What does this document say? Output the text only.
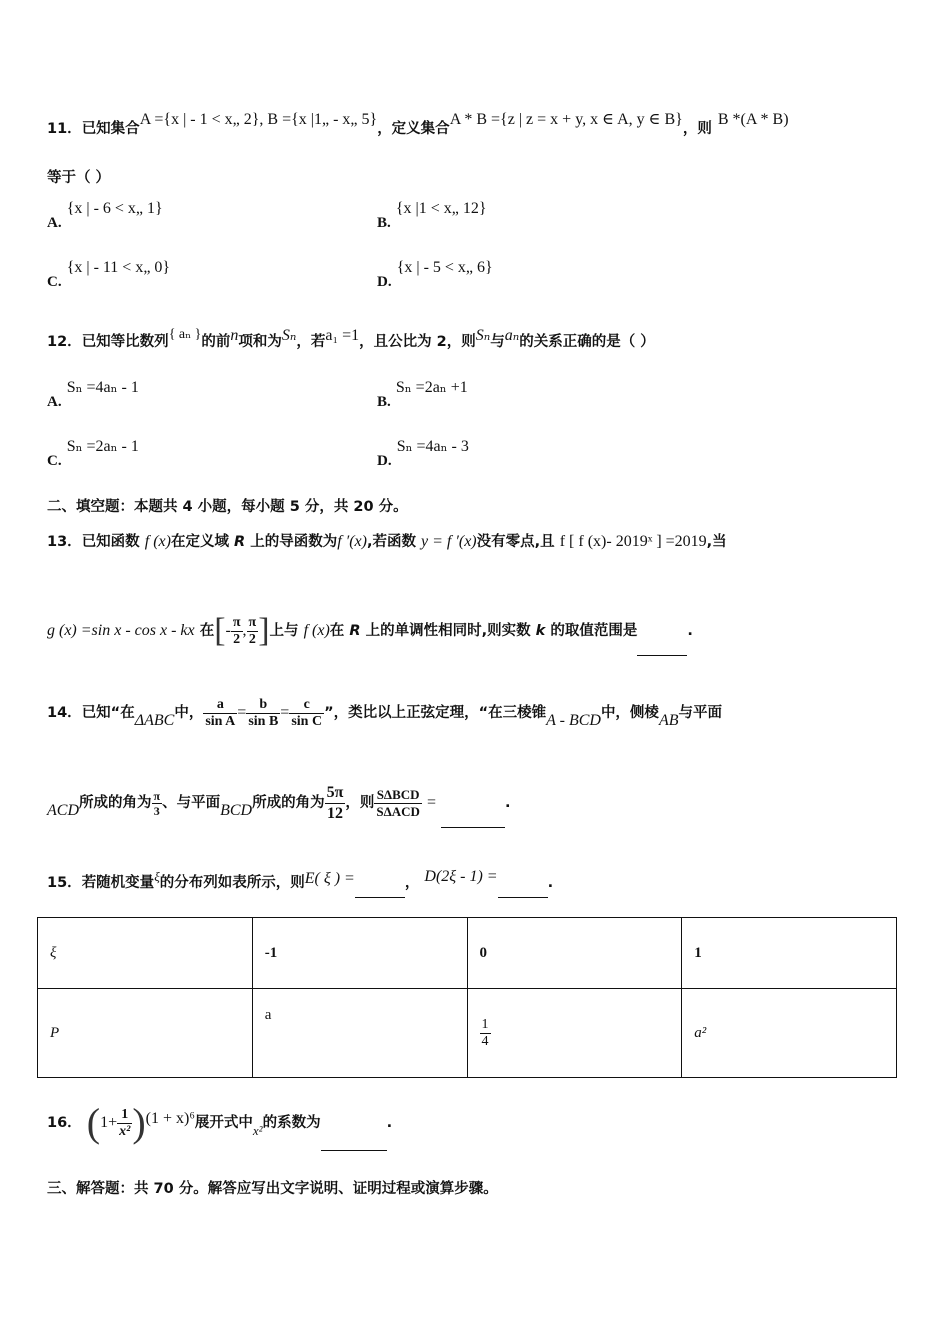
11．已知集合A ={x | - 1 < x„ 2}, B ={x |1„ - x„ 5}，定义集合A * B ={z | z = x + y, x ∈ A, y ∈ B}，则B *(A * B)
等于（ ）
A. {x | - 6 < x„ 1}
B. {x |1 < x„ 12}
C. {x | - 11 < x„ 0}
D. {x | - 5 < x„ 6}
12．已知等比数列{ aₙ }的前n项和为Sₙ，若a₁ =1，且公比为 2，则Sₙ与aₙ的关系正确的是（ ）
A. Sₙ =4aₙ - 1
B. Sₙ =2aₙ +1
C. Sₙ =2aₙ - 1
D. Sₙ =4aₙ - 3
二、填空题：本题共 4 小题，每小题 5 分，共 20 分。
13．已知函数 f (x)在定义域 R 上的导函数为f ′(x),若函数 y = f ′(x)没有零点,且 f [ f (x)- 2019ˣ ] =2019,当
g (x) =sin x - cos x - kx 在[- $\frac{\pi}{2}$ , $\frac{\pi}{2}$ ]上与 f (x)在 R 上的单调性相同时,则实数 k 的取值范围是	.
14．已知“在ΔABC中， $\frac{a}{\text{sin A}} = \frac{b}{\text{sin B}} = \frac{c}{\text{sin C}}$ ”，类比以上正弦定理，“在三棱锥A - BCD中，侧棱AB与平面
ACD所成的角为 $\frac{\pi}{3}$ 、与平面BCD所成的角为 $\frac{5\pi}{12}$ ，则 $\frac{\text{SΔBCD}}{\text{SΔACD}}$ =	.
15．若随机变量ξ的分布列如表所示，则E( ξ ) =	， D(2ξ - 1) =	.
ξ	-1	0	1
P	a	$\frac{1}{4}$	a²
16． $(1+ \frac{1}{\text{x²}} )(1 + x)^6$展开式中x²的系数为	.
三、解答题：共 70 分。解答应写出文字说明、证明过程或演算步骤。
